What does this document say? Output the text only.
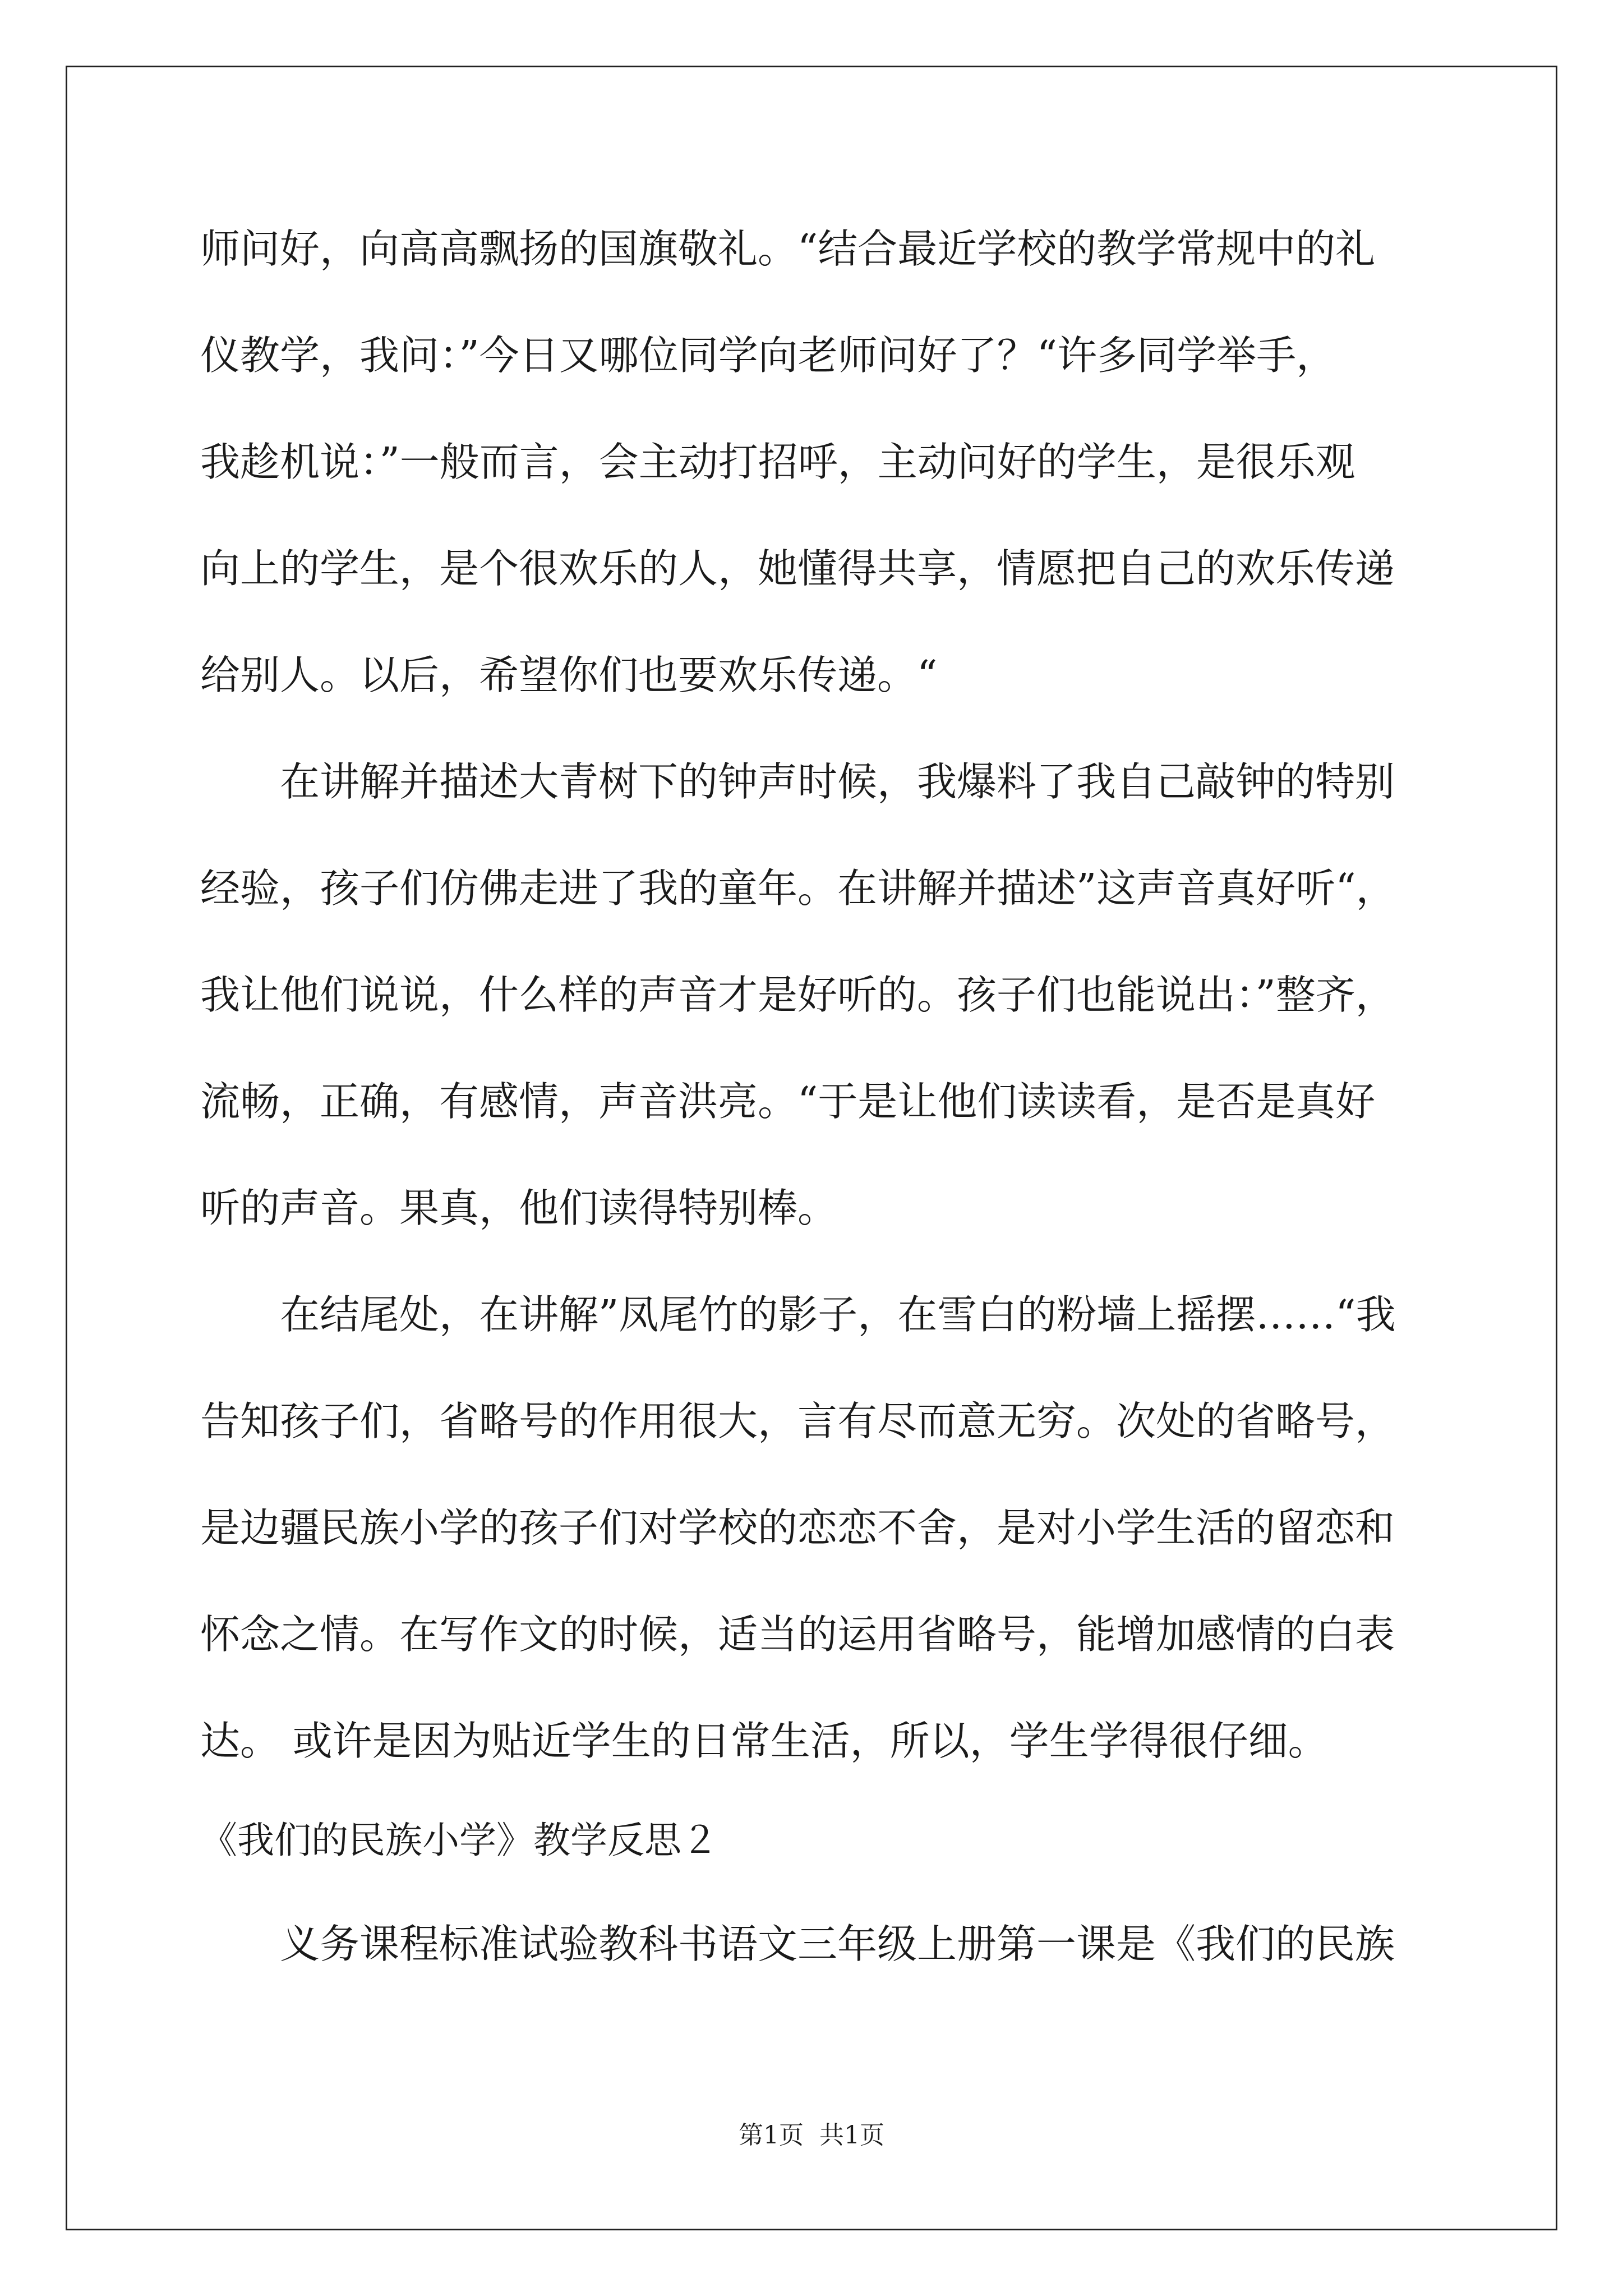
师问好，向高高飘扬的国旗敬礼。“结合最近学校的教学常规中的礼
仪教学，我问：”今日又哪位同学向老师问好了？“许多同学举手，
我趁机说：”一般而言，会主动打招呼，主动问好的学生，是很乐观
向上的学生，是个很欢乐的人，她懂得共享，情愿把自己的欢乐传递
给别人。以后，希望你们也要欢乐传递。“
　　在讲解并描述大青树下的钟声时候，我爆料了我自己敲钟的特别
经验，孩子们仿佛走进了我的童年。在讲解并描述”这声音真好听“，
我让他们说说，什么样的声音才是好听的。孩子们也能说出：”整齐，
流畅，正确，有感情，声音洪亮。“于是让他们读读看，是否是真好
听的声音。果真，他们读得特别棒。
　　在结尾处，在讲解”凤尾竹的影子，在雪白的粉墙上摇摆……“我
告知孩子们，省略号的作用很大，言有尽而意无穷。次处的省略号，
是边疆民族小学的孩子们对学校的恋恋不舍，是对小学生活的留恋和
怀念之情。在写作文的时候，适当的运用省略号，能增加感情的白表
达。 或许是因为贴近学生的日常生活，所以，学生学得很仔细。
《我们的民族小学》教学反思２
　　义务课程标准试验教科书语文三年级上册第一课是《我们的民族
第1页  共1页
